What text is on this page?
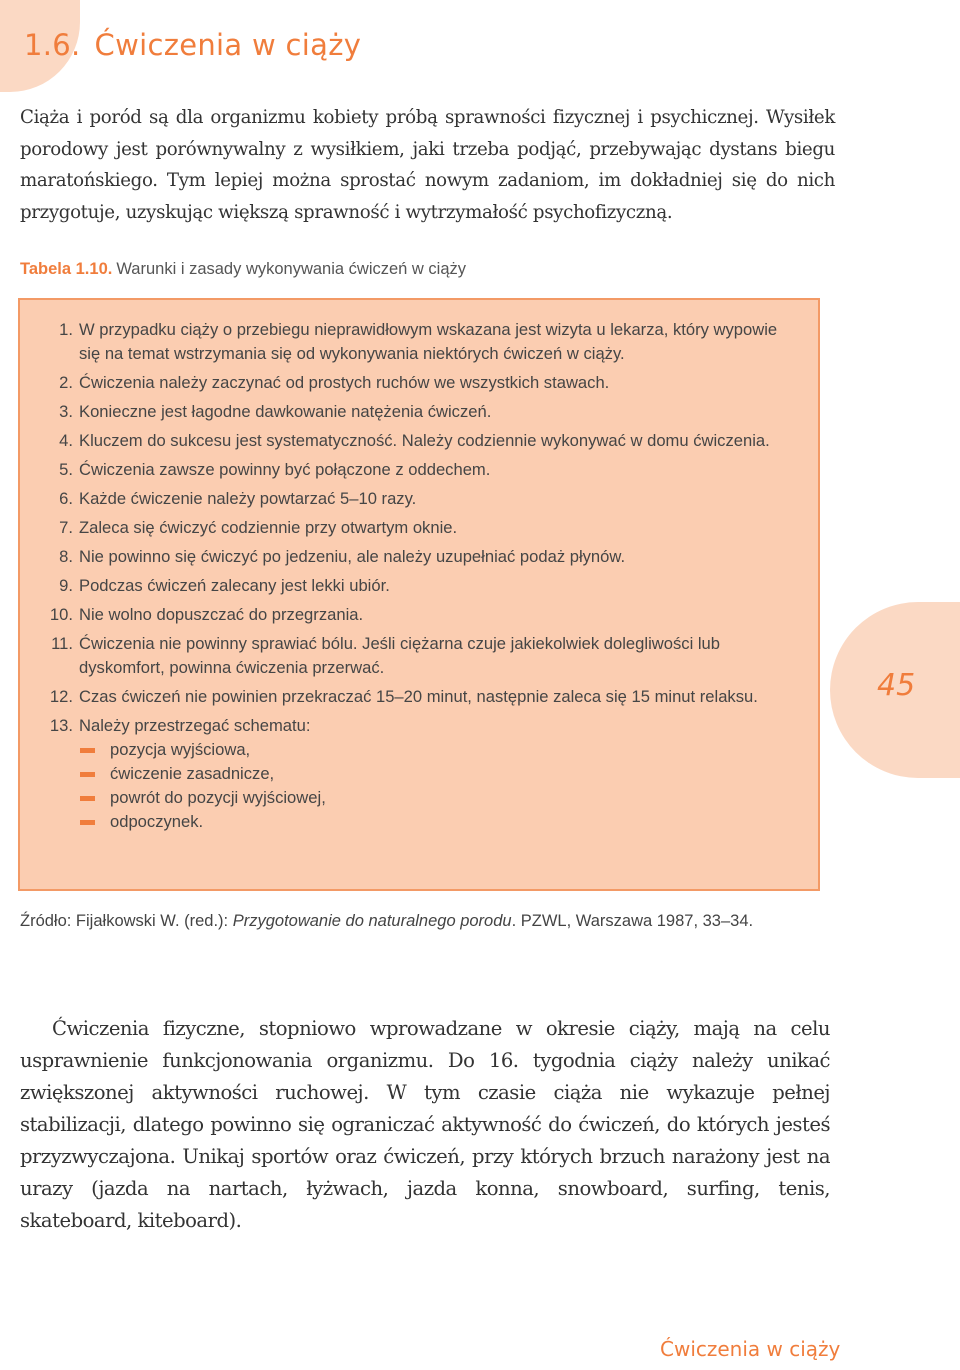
1.6. Ćwiczenia w ciąży

Ciąża i poród są dla organizmu kobiety próbą sprawności fizycznej i psychicznej. Wysiłek porodowy jest porównywalny z wysiłkiem, jaki trzeba podjąć, przebywając dystans biegu maratońskiego. Tym lepiej można sprostać nowym zadaniom, im dokładniej się do nich przygotuje, uzyskując większą sprawność i wytrzymałość psychofizyczną.

Tabela 1.10. Warunki i zasady wykonywania ćwiczeń w ciąży
1. W przypadku ciąży o przebiegu nieprawidłowym wskazana jest wizyta u lekarza, który wypowie się na temat wstrzymania się od wykonywania niektórych ćwiczeń w ciąży.
2. Ćwiczenia należy zaczynać od prostych ruchów we wszystkich stawach.
3. Konieczne jest łagodne dawkowanie natężenia ćwiczeń.
4. Kluczem do sukcesu jest systematyczność. Należy codziennie wykonywać w domu ćwiczenia.
5. Ćwiczenia zawsze powinny być połączone z oddechem.
6. Każde ćwiczenie należy powtarzać 5–10 razy.
7. Zaleca się ćwiczyć codziennie przy otwartym oknie.
8. Nie powinno się ćwiczyć po jedzeniu, ale należy uzupełniać podaż płynów.
9. Podczas ćwiczeń zalecany jest lekki ubiór.
10. Nie wolno dopuszczać do przegrzania.
11. Ćwiczenia nie powinny sprawiać bólu. Jeśli ciężarna czuje jakiekolwiek dolegliwości lub dyskomfort, powinna ćwiczenia przerwać.
12. Czas ćwiczeń nie powinien przekraczać 15–20 minut, następnie zaleca się 15 minut relaksu.
13. Należy przestrzegać schematu:
pozycja wyjściowa,
ćwiczenie zasadnicze,
powrót do pozycji wyjściowej,
odpoczynek.
Źródło: Fijałkowski W. (red.): Przygotowanie do naturalnego porodu. PZWL, Warszawa 1987, 33–34.

Ćwiczenia fizyczne, stopniowo wprowadzane w okresie ciąży, mają na celu usprawnienie funkcjonowania organizmu. Do 16. tygodnia ciąży należy unikać zwiększonej aktywności ruchowej. W tym czasie ciąża nie wykazuje pełnej stabilizacji, dlatego powinno się ograniczać aktywność do ćwiczeń, do których jesteś przyzwyczajona. Unikaj sportów oraz ćwiczeń, przy których brzuch narażony jest na urazy (jazda na nartach, łyżwach, jazda konna, snowboard, surfing, tenis, skateboard, kiteboard).

45
Ćwiczenia w ciąży
